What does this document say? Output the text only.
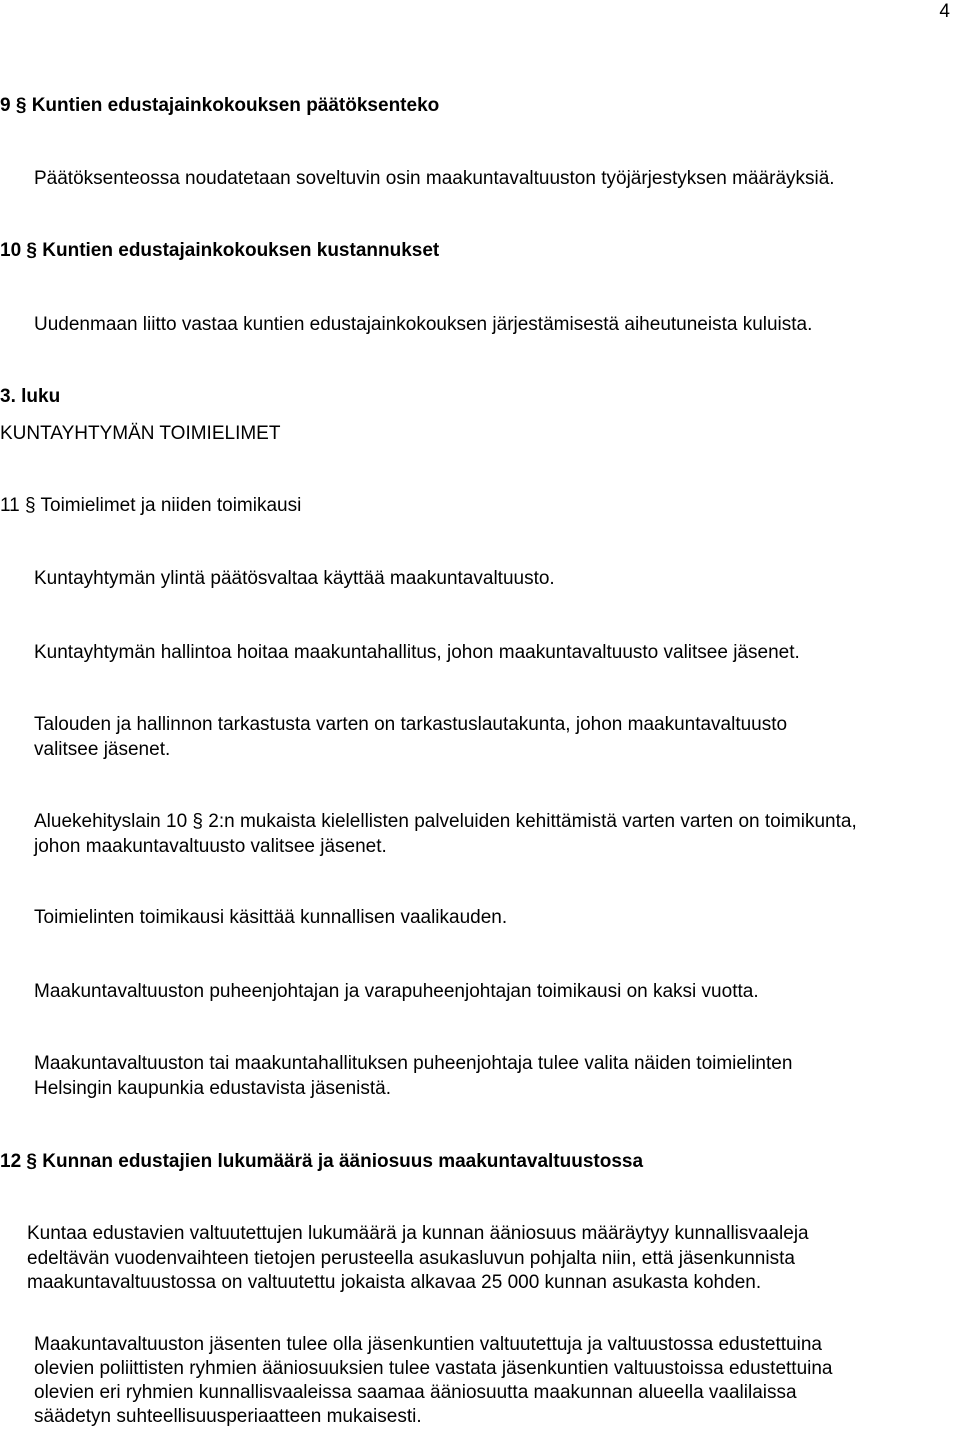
4
9 § Kuntien edustajainkokouksen päätöksenteko
Päätöksenteossa noudatetaan soveltuvin osin maakuntavaltuuston työjärjestyksen määräyksiä.
10 § Kuntien edustajainkokouksen kustannukset
Uudenmaan liitto vastaa kuntien edustajainkokouksen järjestämisestä aiheutuneista kuluista.
3. luku
KUNTAYHTYMÄN TOIMIELIMET
11 § Toimielimet ja niiden toimikausi
Kuntayhtymän ylintä päätösvaltaa käyttää maakuntavaltuusto.
Kuntayhtymän hallintoa hoitaa maakuntahallitus, johon maakuntavaltuusto valitsee jäsenet.
Talouden ja hallinnon tarkastusta varten on tarkastuslautakunta, johon maakuntavaltuusto
valitsee jäsenet.
Aluekehityslain 10 § 2:n mukaista kielellisten palveluiden kehittämistä varten varten on toimikunta,
johon maakuntavaltuusto valitsee jäsenet.
Toimielinten toimikausi käsittää kunnallisen vaalikauden.
Maakuntavaltuuston puheenjohtajan ja varapuheenjohtajan toimikausi on kaksi vuotta.
Maakuntavaltuuston tai maakuntahallituksen puheenjohtaja tulee valita näiden toimielinten
Helsingin kaupunkia edustavista jäsenistä.
12 § Kunnan edustajien lukumäärä ja ääniosuus maakuntavaltuustossa
Kuntaa edustavien valtuutettujen lukumäärä ja kunnan ääniosuus määräytyy kunnallisvaaleja
edeltävän vuodenvaihteen tietojen perusteella asukasluvun pohjalta niin, että jäsenkunnista
maakuntavaltuustossa on valtuutettu jokaista alkavaa 25 000 kunnan asukasta kohden.
Maakuntavaltuuston jäsenten tulee olla jäsenkuntien valtuutettuja ja valtuustossa edustettuina
olevien poliittisten ryhmien ääniosuuksien tulee vastata jäsenkuntien valtuustoissa edustettuina
olevien eri ryhmien kunnallisvaaleissa saamaa ääniosuutta maakunnan alueella vaalilaissa
säädetyn suhteellisuusperiaatteen mukaisesti.
